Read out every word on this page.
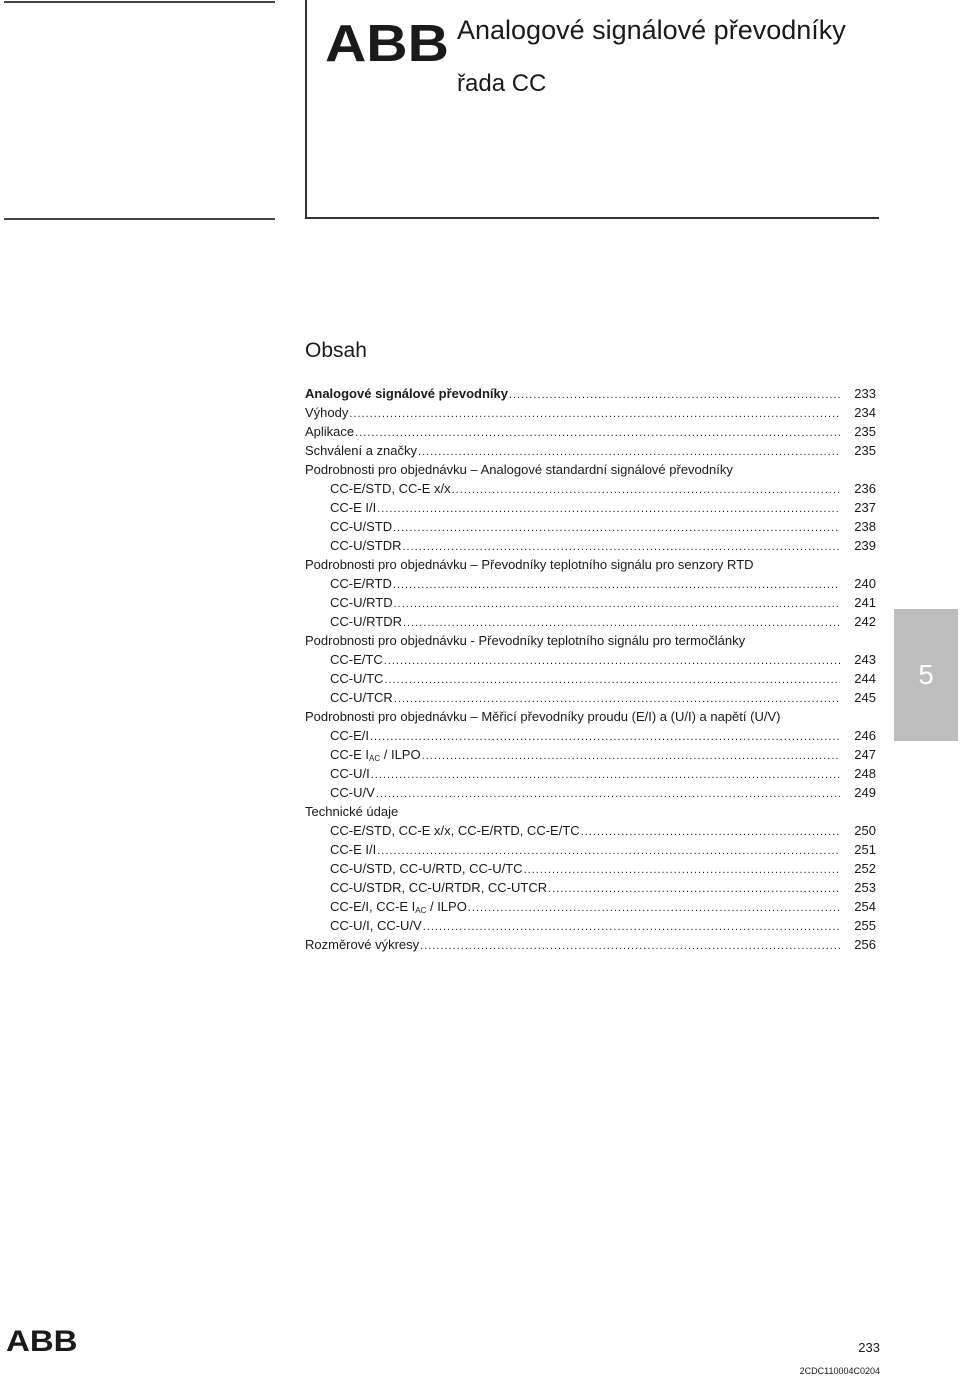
ABB Analogové signálové převodníky
řada CC
Obsah
Analogové signálové převodníky .....	233
Výhody .....	234
Aplikace .....	235
Schválení a značky .....	235
Podrobnosti pro objednávku – Analogové standardní signálové převodníky
CC-E/STD, CC-E x/x .....	236
CC-E I/I .....	237
CC-U/STD .....	238
CC-U/STDR .....	239
Podrobnosti pro objednávku – Převodníky teplotního signálu pro senzory RTD
CC-E/RTD .....	240
CC-U/RTD .....	241
CC-U/RTDR .....	242
Podrobnosti pro objednávku - Převodníky teplotního signálu pro termočlánky
CC-E/TC .....	243
CC-U/TC .....	244
CC-U/TCR .....	245
Podrobnosti pro objednávku – Měřicí převodníky proudu (E/I) a (U/I) a napětí (U/V)
CC-E/I .....	246
CC-E $I_{AC}$ / ILPO .....	247
CC-U/I .....	248
CC-U/V .....	249
Technické údaje
CC-E/STD, CC-E x/x, CC-E/RTD, CC-E/TC .....	250
CC-E I/I .....	251
CC-U/STD, CC-U/RTD, CC-U/TC .....	252
CC-U/STDR, CC-U/RTDR, CC-UTCR .....	253
CC-E/I, CC-E $I_{AC}$ / ILPO .....	254
CC-U/I, CC-U/V .....	255
Rozměrové výkresy .....	256
5
ABB	233
2CDC110004C0204
